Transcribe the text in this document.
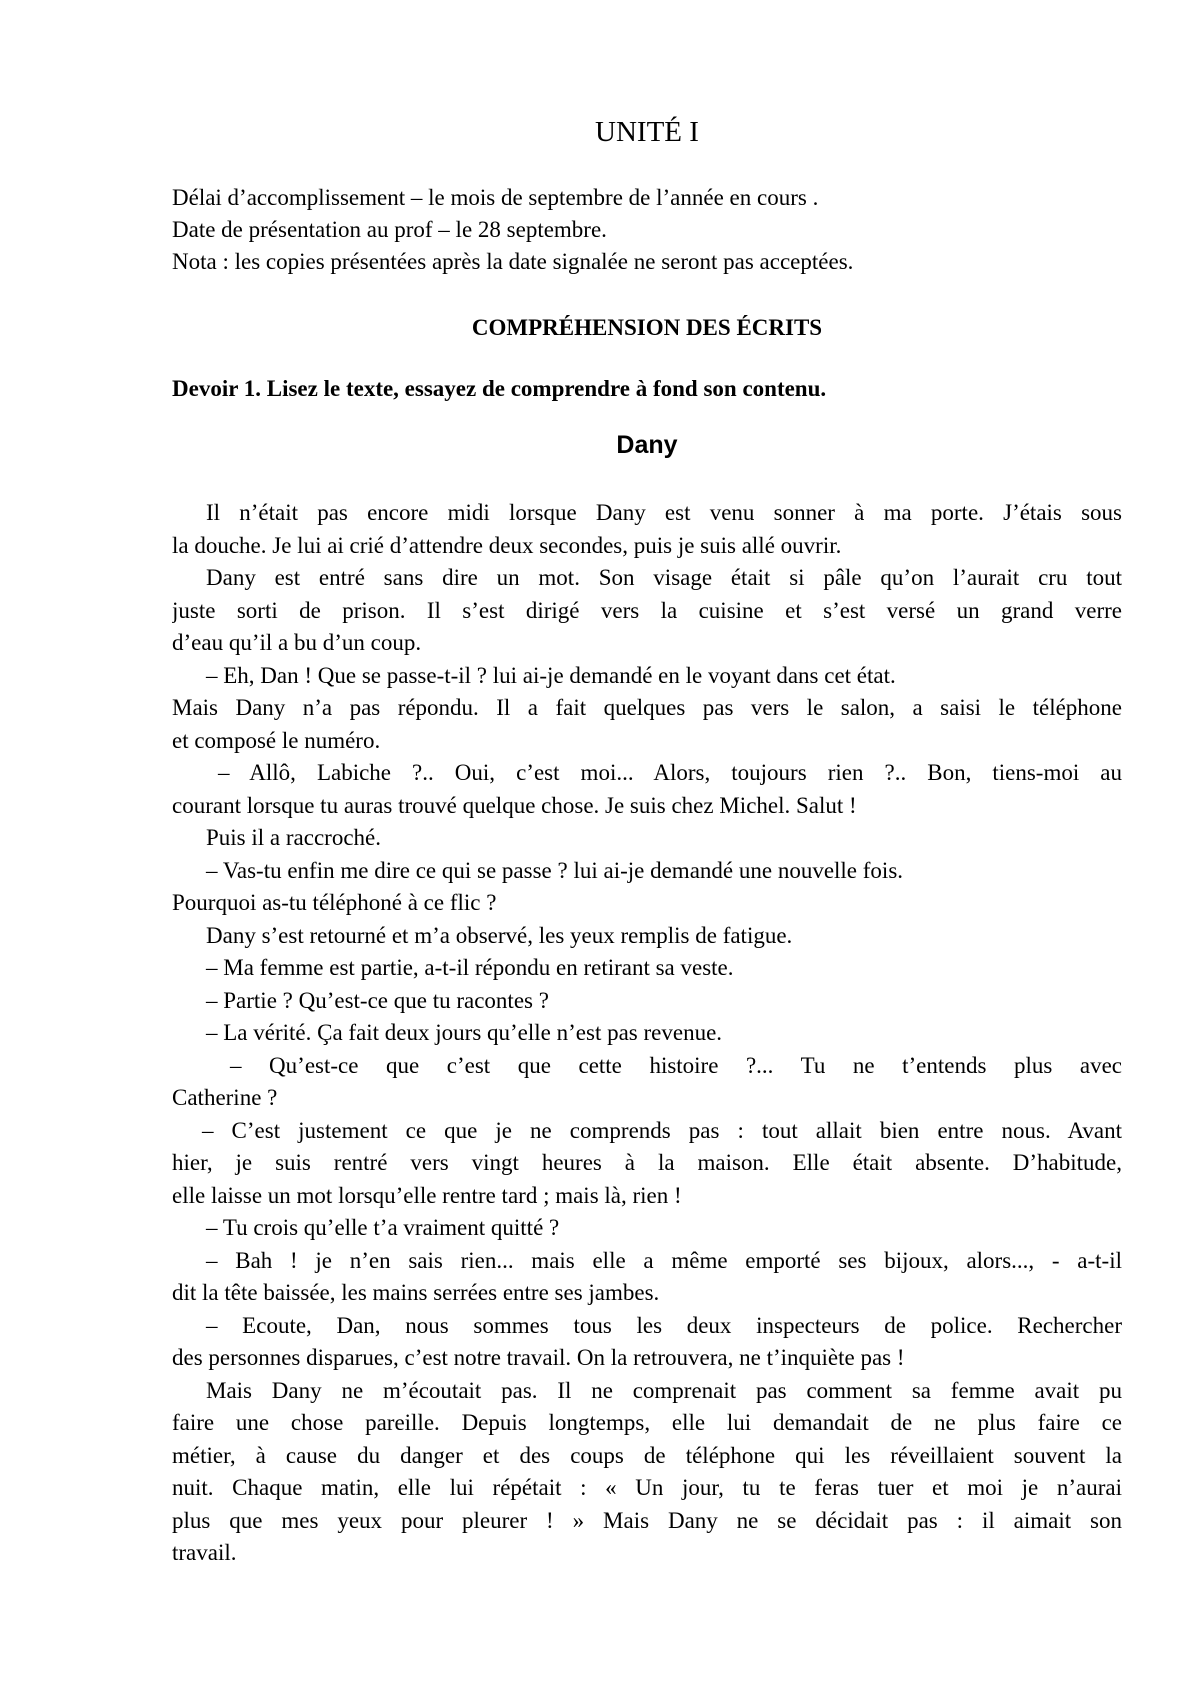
UNITÉ I
Délai d’accomplissement – le mois de septembre de l’année en cours .
Date de présentation au prof – le 28 septembre.
Nota : les copies présentées après la date signalée ne seront pas acceptées.
COMPRÉHENSION DES ÉCRITS
Devoir 1. Lisez le texte, essayez de comprendre à fond son contenu.
Dany
Il n’était pas encore midi lorsque Dany est venu sonner à ma porte. J’étais sous
la douche. Je lui ai crié d’attendre deux secondes, puis je suis allé ouvrir.
Dany est entré sans dire un mot. Son visage était si pâle qu’on l’aurait cru tout
juste sorti de prison. Il s’est dirigé vers la cuisine et s’est versé un grand verre
d’eau qu’il a bu d’un coup.
– Eh, Dan ! Que se passe-t-il ? lui ai-je demandé en le voyant dans cet état.
Mais Dany n’a pas répondu. Il a fait quelques pas vers le salon, a saisi le téléphone
et composé le numéro.
– Allô, Labiche ?.. Oui, c’est moi... Alors, toujours rien ?.. Bon, tiens-moi au
courant lorsque tu auras trouvé quelque chose. Je suis chez Michel. Salut !
Puis il a raccroché.
– Vas-tu enfin me dire ce qui se passe ? lui ai-je demandé une nouvelle fois.
Pourquoi as-tu téléphoné à ce flic ?
Dany s’est retourné et m’a observé, les yeux remplis de fatigue.
– Ma femme est partie, a-t-il répondu en retirant sa veste.
– Partie ? Qu’est-ce que tu racontes ?
– La vérité. Ça fait deux jours qu’elle n’est pas revenue.
– Qu’est-ce que c’est que cette histoire ?... Tu ne t’entends plus avec
Catherine ?
– C’est justement ce que je ne comprends pas : tout allait bien entre nous. Avant
hier, je suis rentré vers vingt heures à la maison. Elle était absente. D’habitude,
elle laisse un mot lorsqu’elle rentre tard ; mais là, rien !
– Tu crois qu’elle t’a vraiment quitté ?
– Bah ! je n’en sais rien... mais elle a même emporté ses bijoux, alors..., - a-t-il
dit la tête baissée, les mains serrées entre ses jambes.
– Ecoute, Dan, nous sommes tous les deux inspecteurs de police. Rechercher
des personnes disparues, c’est notre travail. On la retrouvera, ne t’inquiète pas !
Mais Dany ne m’écoutait pas. Il ne comprenait pas comment sa femme avait pu
faire une chose pareille. Depuis longtemps, elle lui demandait de ne plus faire ce
métier, à cause du danger et des coups de téléphone qui les réveillaient souvent la
nuit. Chaque matin, elle lui répétait : « Un jour, tu te feras tuer et moi je n’aurai
plus que mes yeux pour pleurer ! » Mais Dany ne se décidait pas : il aimait son
travail.
